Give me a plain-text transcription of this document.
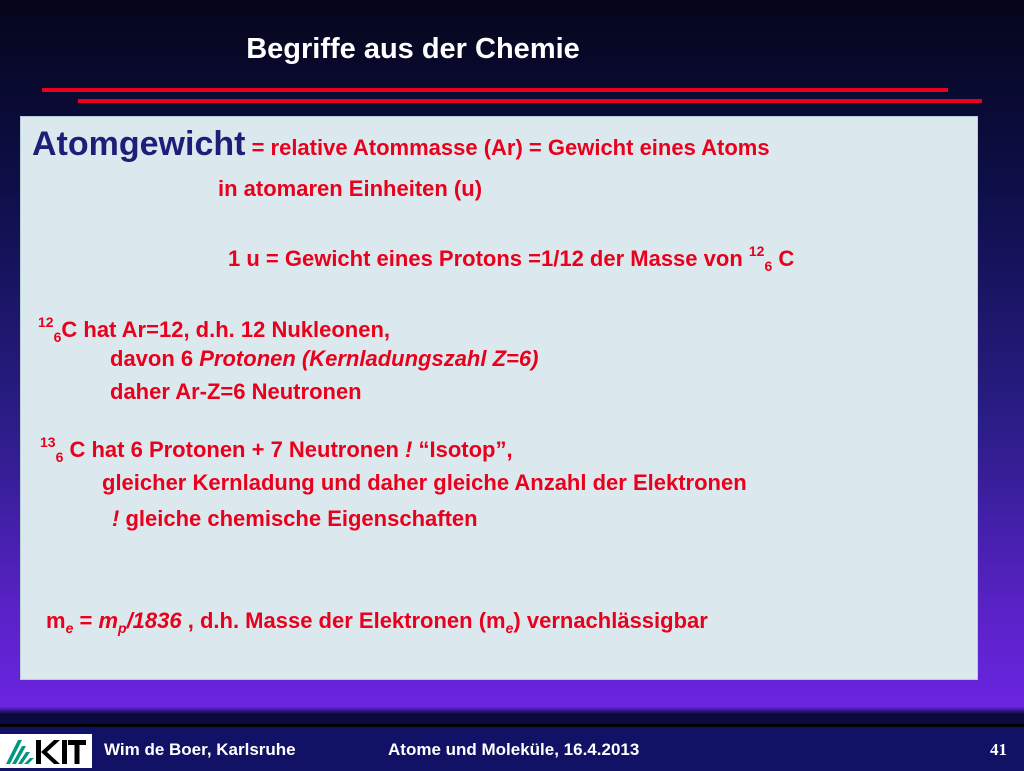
Begriffe aus der Chemie
Atomgewicht = relative Atommasse (Ar) = Gewicht eines Atoms
in atomaren Einheiten (u)
1 u = Gewicht eines Protons =1/12 der Masse von $^{12}_6$ C
$^{12}_6$C hat Ar=12, d.h. 12 Nukleonen,
davon 6 Protonen (Kernladungszahl Z=6)
daher Ar-Z=6 Neutronen
$^{13}_6$ C hat 6 Protonen + 7 Neutronen ! “Isotop”,
gleicher Kernladung und daher gleiche Anzahl der Elektronen
! gleiche chemische Eigenschaften
$m_e = m_p/1836$ , d.h. Masse der Elektronen $(m_e)$ vernachlässigbar
Wim de Boer, Karlsruhe	Atome und Moleküle, 16.4.2013	41
